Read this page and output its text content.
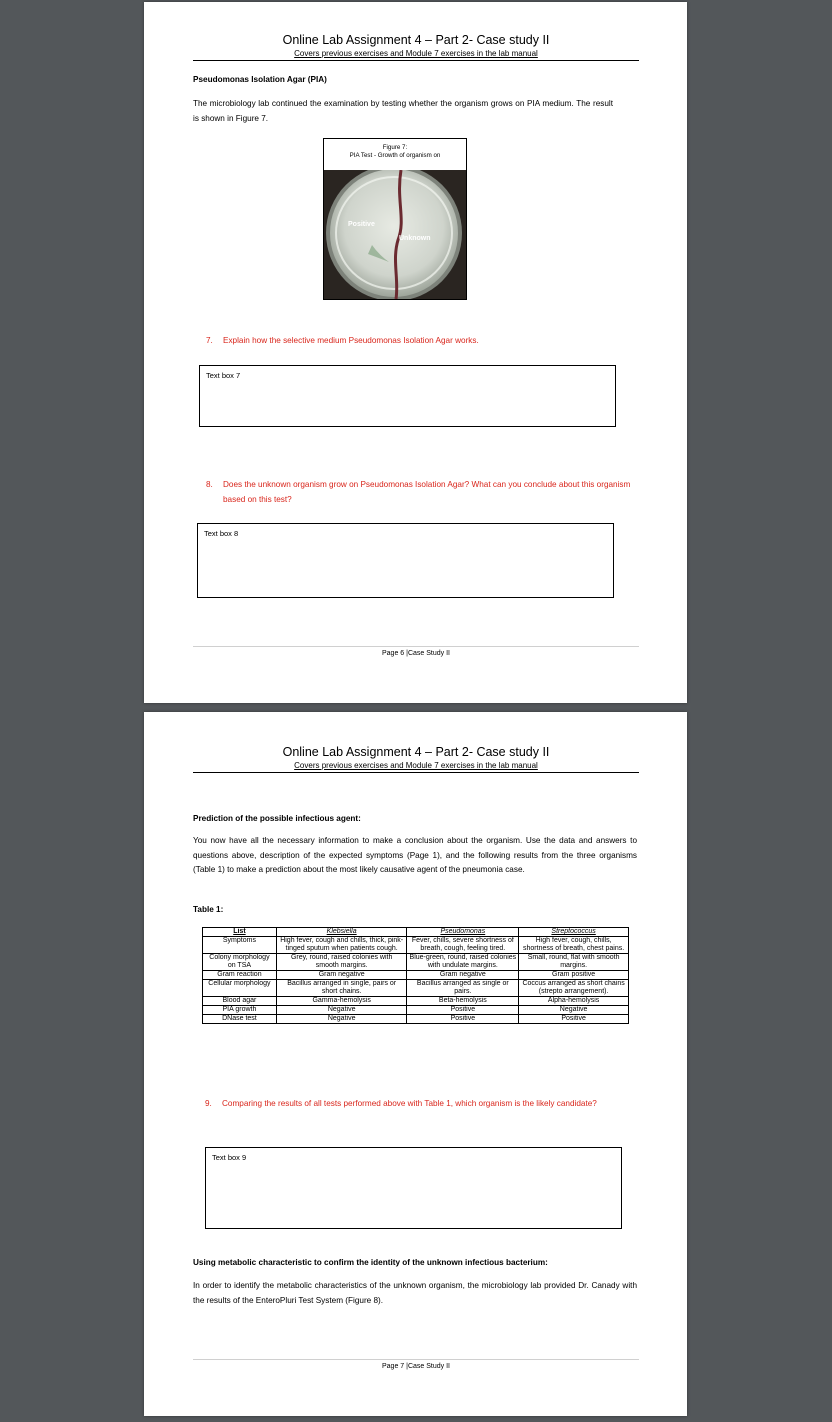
Online Lab Assignment 4 – Part 2- Case study II
Covers previous exercises and Module 7 exercises in the lab manual
Pseudomonas Isolation Agar (PIA)
The microbiology lab continued the examination by testing whether the organism grows on PIA medium. The result is shown in Figure 7.
Figure 7:
PIA Test - Growth of organism on
Positive
Unknown
7.	Explain how the selective medium Pseudomonas Isolation Agar works.
Text box 7
8.	Does the unknown organism grow on Pseudomonas Isolation Agar? What can you conclude about this organism based on this test?
Text box 8
Page 6 |Case Study II
Online Lab Assignment 4 – Part 2- Case study II
Covers previous exercises and Module 7 exercises in the lab manual
Prediction of the possible infectious agent:
You now have all the necessary information to make a conclusion about the organism. Use the data and answers to questions above, description of the expected symptoms (Page 1), and the following results from the three organisms (Table 1) to make a prediction about the most likely causative agent of the pneumonia case.
Table 1:
List	Klebsiella	Pseudomonas	Streptococcus
Symptoms	High fever, cough and chills, thick, pink-tinged sputum when patients cough.	Fever, chills, severe shortness of breath, cough, feeling tired.	High fever, cough, chills, shortness of breath, chest pains.
Colony morphology on TSA	Grey, round, raised colonies with smooth margins.	Blue-green, round, raised colonies with undulate margins.	Small, round, flat with smooth margins.
Gram reaction	Gram negative	Gram negative	Gram positive
Cellular morphology	Bacillus arranged in single, pairs or short chains.	Bacillus arranged as single or pairs.	Coccus arranged as short chains (strepto arrangement).
Blood agar	Gamma-hemolysis	Beta-hemolysis	Alpha-hemolysis
PIA growth	Negative	Positive	Negative
DNase test	Negative	Positive	Positive
9.	Comparing the results of all tests performed above with Table 1, which organism is the likely candidate?
Text box 9
Using metabolic characteristic to confirm the identity of the unknown infectious bacterium:
In order to identify the metabolic characteristics of the unknown organism, the microbiology lab provided Dr. Canady with the results of the EnteroPluri Test System (Figure 8).
Page 7 |Case Study II
